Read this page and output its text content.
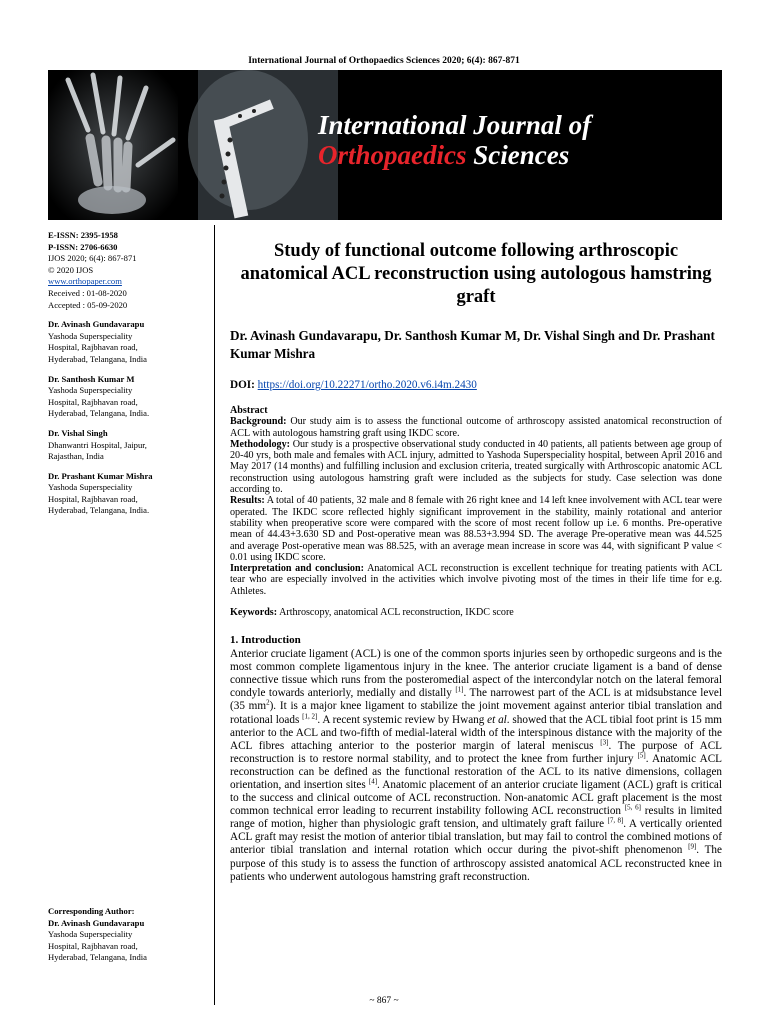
International Journal of Orthopaedics Sciences 2020; 6(4): 867-871
International Journal of
Orthopaedics Sciences
E-ISSN: 2395-1958
P-ISSN: 2706-6630
IJOS 2020; 6(4): 867-871
© 2020 IJOS
www.orthopaper.com
Received : 01-08-2020
Accepted : 05-09-2020
Dr. Avinash Gundavarapu
Yashoda Superspeciality
Hospital, Rajbhavan road,
Hyderabad, Telangana, India
Dr. Santhosh Kumar M
Yashoda Superspeciality
Hospital, Rajbhavan road,
Hyderabad, Telangana, India.
Dr. Vishal Singh
Dhanwantri Hospital, Jaipur,
Rajasthan, India
Dr. Prashant Kumar Mishra
Yashoda Superspeciality
Hospital, Rajbhavan road,
Hyderabad, Telangana, India.
Corresponding Author:
Dr. Avinash Gundavarapu
Yashoda Superspeciality
Hospital, Rajbhavan road,
Hyderabad, Telangana, India
Study of functional outcome following arthroscopic anatomical ACL reconstruction using autologous hamstring graft
Dr. Avinash Gundavarapu, Dr. Santhosh Kumar M, Dr. Vishal Singh and Dr. Prashant Kumar Mishra
DOI: https://doi.org/10.22271/ortho.2020.v6.i4m.2430

Abstract

Background: Our study aim is to assess the functional outcome of arthroscopy assisted anatomical reconstruction of ACL with autologous hamstring graft using IKDC score.

Methodology: Our study is a prospective observational study conducted in 40 patients, all patients between age group of 20-40 yrs, both male and females with ACL injury, admitted to Yashoda Superspeciality hospital, between April 2016 and May 2017 (14 months) and fulfilling inclusion and exclusion criteria, treated surgically with Arthroscopic anatomic ACL reconstruction using autologous hamstring graft were included as the subjects for study. Case selection was done according to.

Results: A total of 40 patients, 32 male and 8 female with 26 right knee and 14 left knee involvement with ACL tear were operated. The IKDC score reflected highly significant improvement in the stability, mainly rotational and anterior stability when preoperative score were compared with the score of most recent follow up i.e. 6 months. Pre-operative mean of 44.43+3.630 SD and Post-operative mean was 88.53+3.994 SD. The average Pre-operative mean was 44.525 and average Post-operative mean was 88.525, with an average mean increase in score was 44, with significant P value < 0.01 using IKDC score.

Interpretation and conclusion: Anatomical ACL reconstruction is excellent technique for treating patients with ACL tear who are especially involved in the activities which involve pivoting most of the times in their life time for e.g. Athletes.

Keywords: Arthroscopy, anatomical ACL reconstruction, IKDC score
1. Introduction

Anterior cruciate ligament (ACL) is one of the common sports injuries seen by orthopedic surgeons and is the most common complete ligamentous injury in the knee. The anterior cruciate ligament is a band of dense connective tissue which runs from the posteromedial aspect of the intercondylar notch on the lateral femoral condyle towards anteriorly, medially and distally [1]. The narrowest part of the ACL is at midsubstance level (35 $mm^2$). It is a major knee ligament to stabilize the joint movement against anterior tibial translation and rotational loads [1, 2]. A recent systemic review by Hwang et al. showed that the ACL tibial foot print is 15 mm anterior to the ACL and two-fifth of medial-lateral width of the interspinous distance with the majority of the ACL fibres attaching anterior to the posterior margin of lateral meniscus [3]. The purpose of ACL reconstruction is to restore normal stability, and to protect the knee from further injury [5]. Anatomic ACL reconstruction can be defined as the functional restoration of the ACL to its native dimensions, collagen orientation, and insertion sites [4]. Anatomic placement of an anterior cruciate ligament (ACL) graft is critical to the success and clinical outcome of ACL reconstruction. Non-anatomic ACL graft placement is the most common technical error leading to recurrent instability following ACL reconstruction [5, 6] results in limited range of motion, higher than physiologic graft tension, and ultimately graft failure [7, 8]. A vertically oriented ACL graft may resist the motion of anterior tibial translation, but may fail to control the combined motions of anterior tibial translation and internal rotation which occur during the pivot-shift phenomenon [9]. The purpose of this study is to assess the function of arthroscopy assisted anatomical ACL reconstructed knee in patients who underwent autologous hamstring graft reconstruction.

~ 867 ~
